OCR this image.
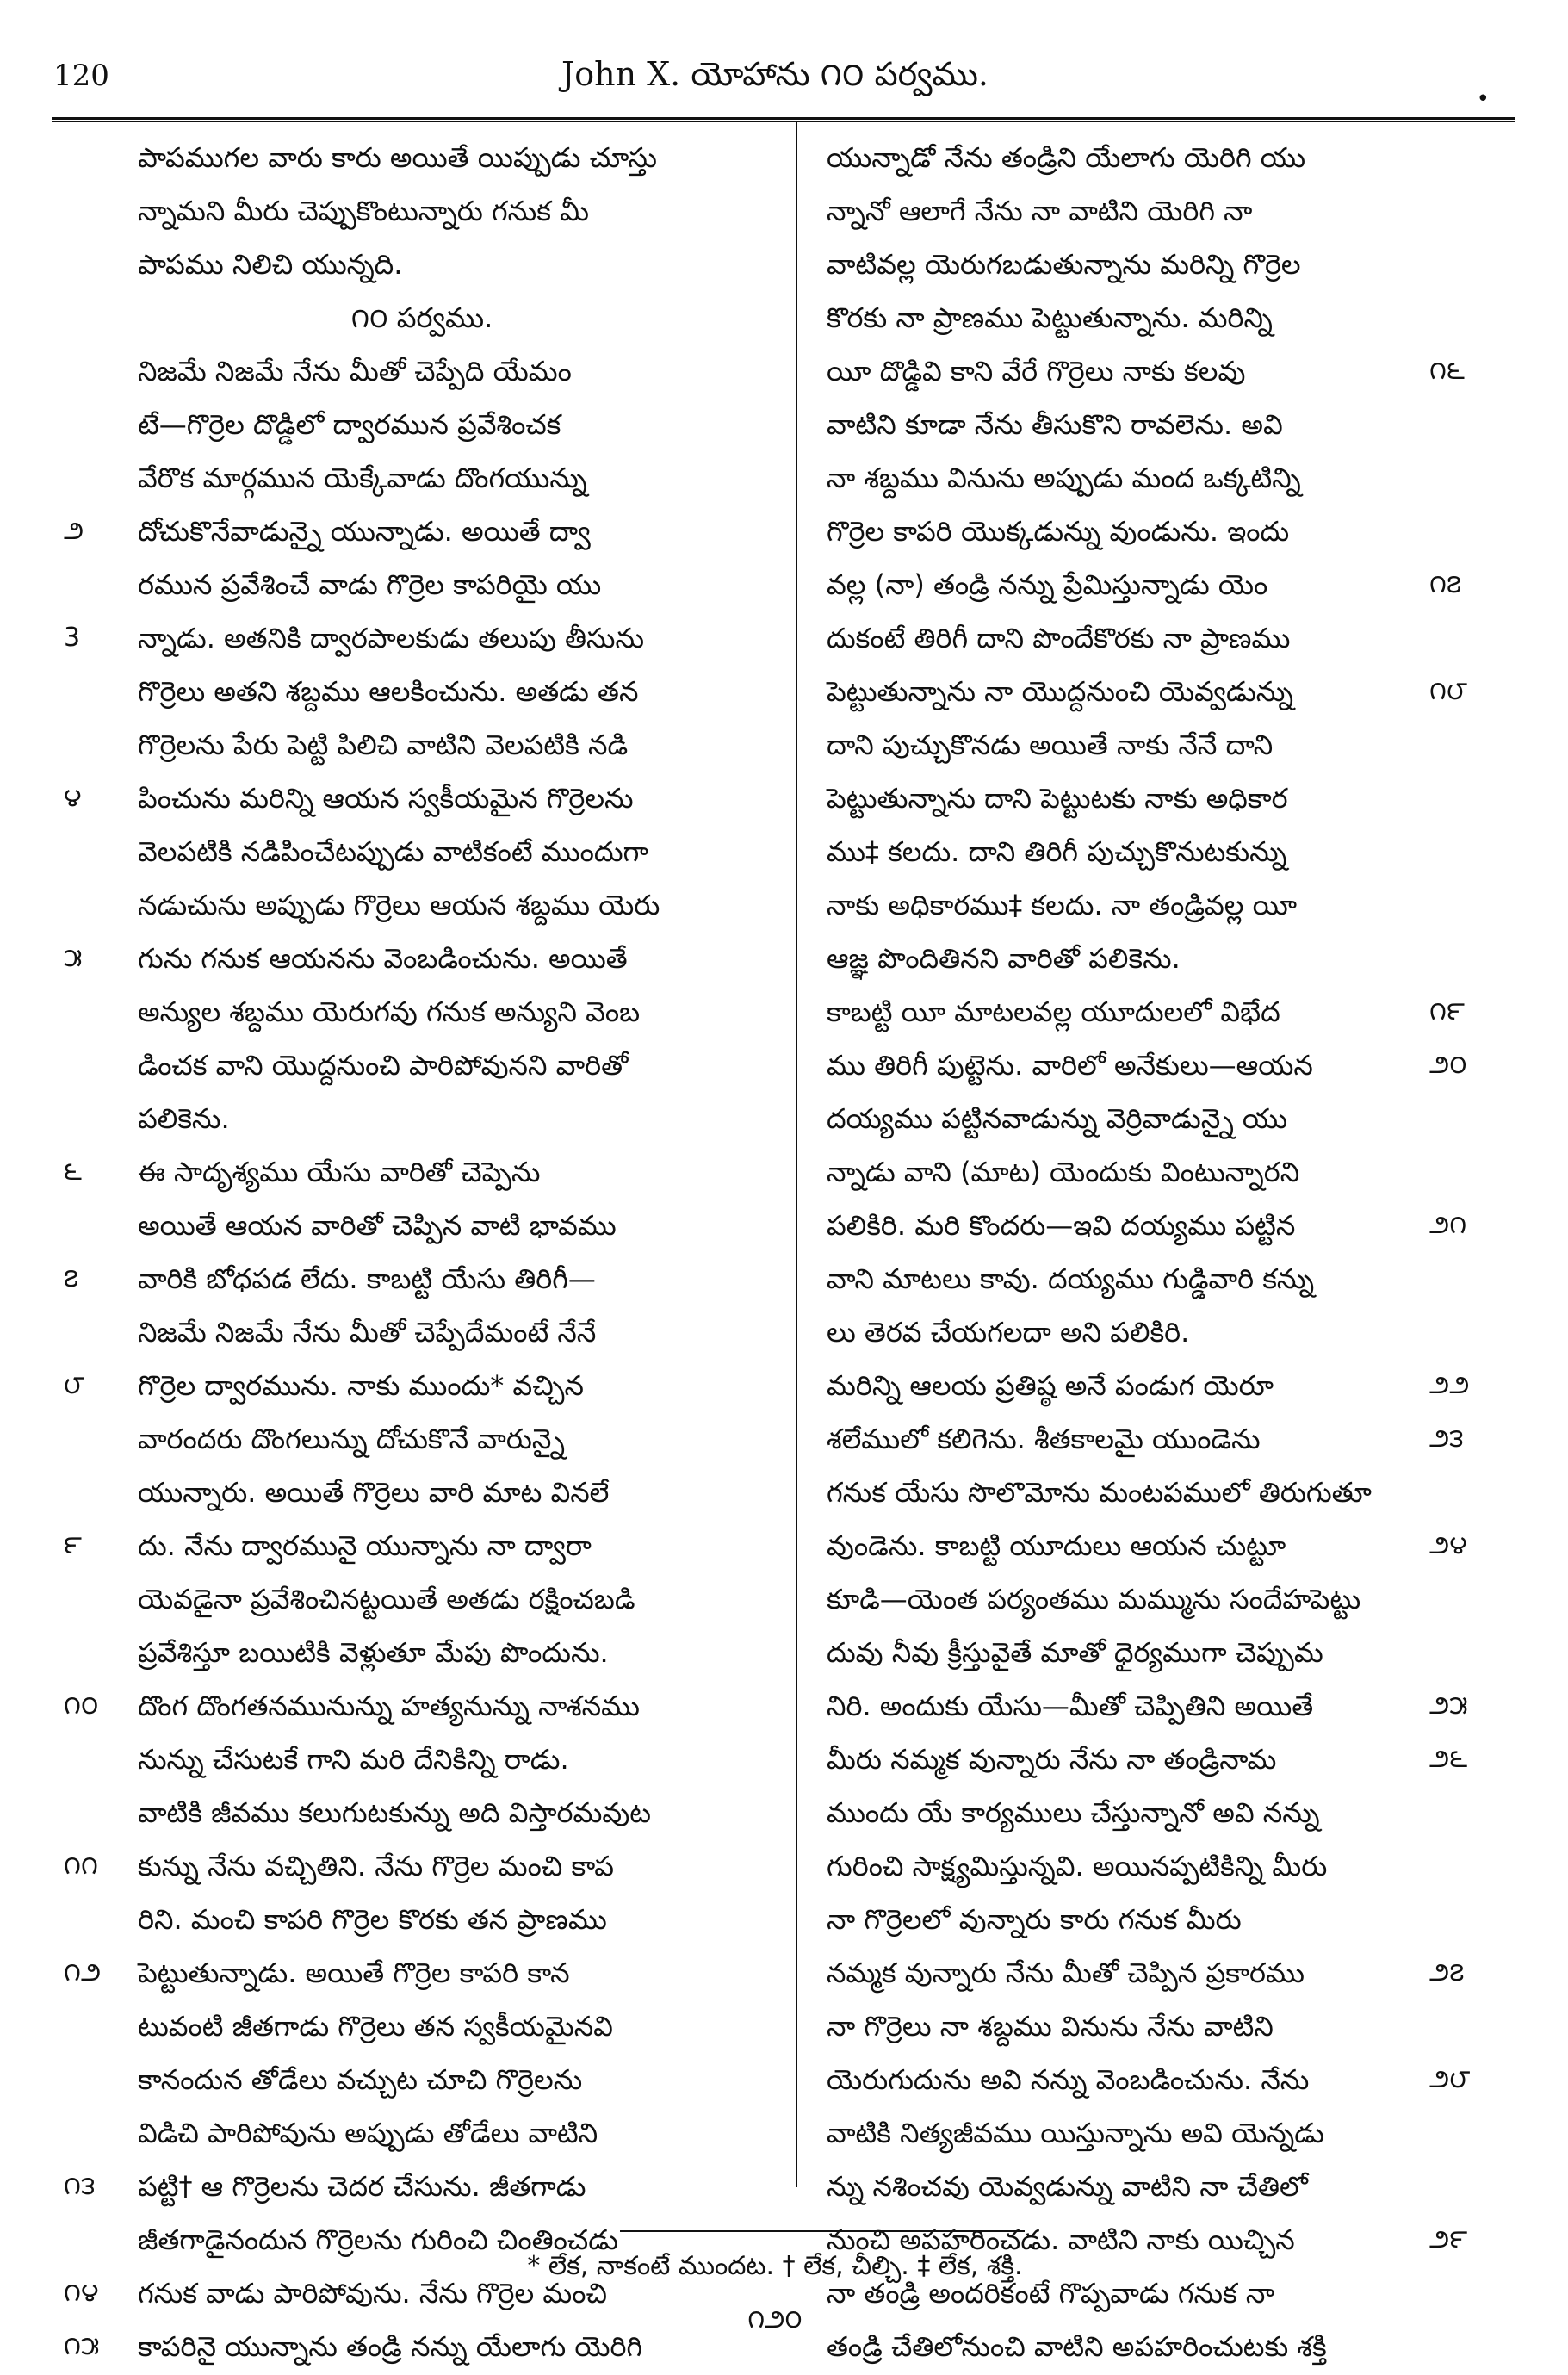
120	John X. యోహాను ౧౦ పర్వము.
•
పాపముగల వారు కారు అయితే యిప్పుడు చూస్తు
న్నామని మీరు చెప్పుకొంటున్నారు గనుక మీ
పాపము నిలిచి యున్నది.
౧౦ పర్వము.
నిజమే నిజమే నేను మీతో చెప్పేది యేమం
టే—గొర్రెల దొడ్డిలో ద్వారమున ప్రవేశించక
వేరొక మార్గమున యెక్కేవాడు దొంగయున్ను
౨	దోచుకొనేవాడున్నై యున్నాడు. అయితే ద్వా
రమున ప్రవేశించే వాడు గొర్రెల కాపరియై యు
3	న్నాడు. అతనికి ద్వారపాలకుడు తలుపు తీసును
గొర్రెలు అతని శబ్దము ఆలకించును. అతడు తన
గొర్రెలను పేరు పెట్టి పిలిచి వాటిని వెలపటికి నడి
౪	పించును మరిన్ని ఆయన స్వకీయమైన గొర్రెలను
వెలపటికి నడిపించేటప్పుడు వాటికంటే ముందుగా
నడుచును అప్పుడు గొర్రెలు ఆయన శబ్దము యెరు
౫	గును గనుక ఆయనను వెంబడించును. అయితే
అన్యుల శబ్దము యెరుగవు గనుక అన్యుని వెంబ
డించక వాని యొద్దనుంచి పారిపోవునని వారితో
పలికెను.
౬	ఈ సాదృశ్యము యేసు వారితో చెప్పెను
అయితే ఆయన వారితో చెప్పిన వాటి భావము
౭	వారికి బోధపడ లేదు. కాబట్టి యేసు తిరిగీ—
నిజమే నిజమే నేను మీతో చెప్పేదేమంటే నేనే
౮	గొర్రెల ద్వారమును. నాకు ముందు* వచ్చిన
వారందరు దొంగలున్ను దోచుకొనే వారున్నై
యున్నారు. అయితే గొర్రెలు వారి మాట వినలే
౯	దు. నేను ద్వారమునై యున్నాను నా ద్వారా
యెవడైనా ప్రవేశించినట్టయితే అతడు రక్షించబడి
ప్రవేశిస్తూ బయిటికి వెళ్లుతూ మేపు పొందును.
౧౦	దొంగ దొంగతనమునున్ను హత్యనున్ను నాశనము
నున్ను చేసుటకే గాని మరి దేనికిన్ని రాడు.
వాటికి జీవము కలుగుటకున్ను అది విస్తారమవుట
౧౧	కున్ను నేను వచ్చితిని. నేను గొర్రెల మంచి కాప
రిని. మంచి కాపరి గొర్రెల కొరకు తన ప్రాణము
౧౨	పెట్టుతున్నాడు. అయితే గొర్రెల కాపరి కాన
టువంటి జీతగాడు గొర్రెలు తన స్వకీయమైనవి
కానందున తోడేలు వచ్చుట చూచి గొర్రెలను
విడిచి పారిపోవును అప్పుడు తోడేలు వాటిని
౧౩	పట్టి† ఆ గొర్రెలను చెదర చేసును. జీతగాడు
జీతగాడైనందున గొర్రెలను గురించి చింతించడు
౧౪	గనుక వాడు పారిపోవును. నేను గొర్రెల మంచి
౧౫	కాపరినై యున్నాను తండ్రి నన్ను యేలాగు యెరిగి
యున్నాడో నేను తండ్రిని యేలాగు యెరిగి యు
న్నానో ఆలాగే నేను నా వాటిని యెరిగి నా
వాటివల్ల యెరుగబడుతున్నాను మరిన్ని గొర్రెల
కొరకు నా ప్రాణము పెట్టుతున్నాను. మరిన్ని
౧౬
యీ దొడ్డివి కాని వేరే గొర్రెలు నాకు కలవు
వాటిని కూడా నేను తీసుకొని రావలెను. అవి
నా శబ్దము వినును అప్పుడు మంద ఒక్కటిన్ని
గొర్రెల కాపరి యొక్కడున్ను వుండును. ఇందు
౧౭
వల్ల (నా) తండ్రి నన్ను ప్రేమిస్తున్నాడు యెం
దుకంటే తిరిగీ దాని పొందేకొరకు నా ప్రాణము
౧౮
పెట్టుతున్నాను నా యొద్దనుంచి యెవ్వడున్ను
దాని పుచ్చుకొనడు అయితే నాకు నేనే దాని
పెట్టుతున్నాను దాని పెట్టుటకు నాకు అధికార
ము‡ కలదు. దాని తిరిగీ పుచ్చుకొనుటకున్ను
నాకు అధికారము‡ కలదు. నా తండ్రివల్ల యీ
ఆజ్ఞ పొందితినని వారితో పలికెను.
౧౯
కాబట్టి యీ మాటలవల్ల యూదులలో విభేద
౨౦
ము తిరిగీ పుట్టెను. వారిలో అనేకులు—ఆయన
దయ్యము పట్టినవాడున్ను వెర్రివాడున్నై యు
న్నాడు వాని (మాట) యెందుకు వింటున్నారని
౨౧
పలికిరి. మరి కొందరు—ఇవి దయ్యము పట్టిన
వాని మాటలు కావు. దయ్యము గుడ్డివారి కన్ను
లు తెరవ చేయగలదా అని పలికిరి.
౨౨
మరిన్ని ఆలయ ప్రతిష్ఠ అనే పండుగ యెరూ
౨౩
శలేములో కలిగెను. శీతకాలమై యుండెను
గనుక యేసు సొలొమోను మంటపములో తిరుగుతూ
౨౪
వుండెను. కాబట్టి యూదులు ఆయన చుట్టూ
కూడి—యెంత పర్యంతము మమ్మును సందేహపెట్టు
దువు నీవు క్రీస్తువైతే మాతో ధైర్యముగా చెప్పుమ
౨౫
నిరి. అందుకు యేసు—మీతో చెప్పితిని అయితే
౨౬
మీరు నమ్మక వున్నారు నేను నా తండ్రినామ
ముందు యే కార్యములు చేస్తున్నానో అవి నన్ను
గురించి సాక్ష్యమిస్తున్నవి. అయినప్పటికిన్ని మీరు
నా గొర్రెలలో వున్నారు కారు గనుక మీరు
౨౭
నమ్మక వున్నారు నేను మీతో చెప్పిన ప్రకారము
నా గొర్రెలు నా శబ్దము వినును నేను వాటిని
౨౮
యెరుగుదును అవి నన్ను వెంబడించును. నేను
వాటికి నిత్యజీవము యిస్తున్నాను అవి యెన్నడు
న్ను నశించవు యెవ్వడున్ను వాటిని నా చేతిలో
౨౯
నుంచి అపహరించడు. వాటిని నాకు యిచ్చిన
నా తండ్రి అందరికంటే గొప్పవాడు గనుక నా
తండ్రి చేతిలోనుంచి వాటిని అపహరించుటకు శక్తి
* లేక, నాకంటే ముందట. † లేక, చీల్చి. ‡ లేక, శక్తి.
౧౨౦
